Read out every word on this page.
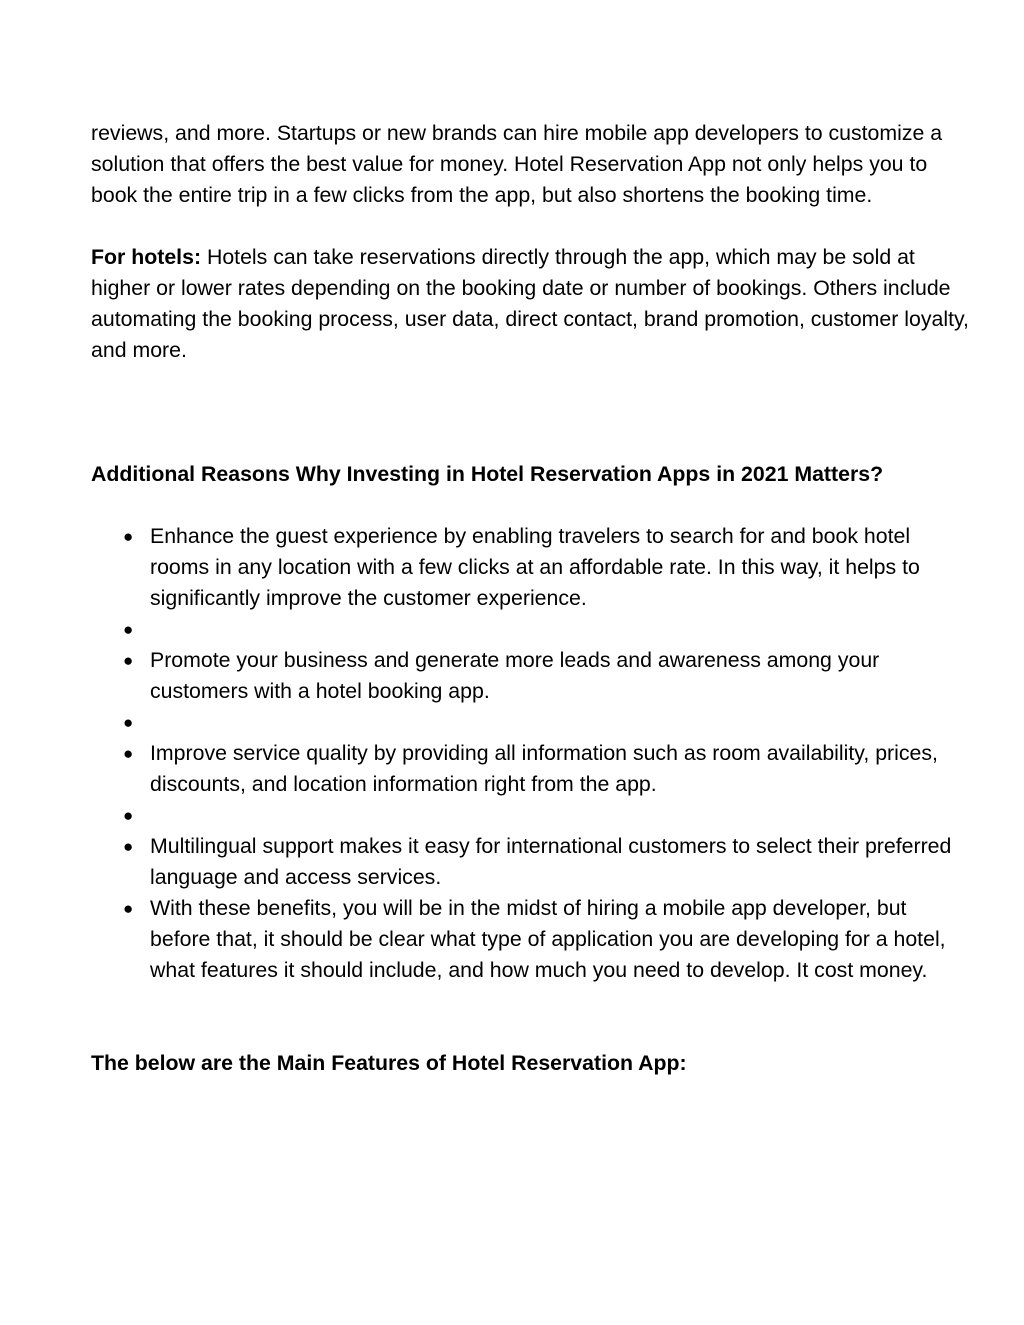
reviews, and more. Startups or new brands can hire mobile app developers to customize a solution that offers the best value for money. Hotel Reservation App not only helps you to book the entire trip in a few clicks from the app, but also shortens the booking time.

For hotels: Hotels can take reservations directly through the app, which may be sold at higher or lower rates depending on the booking date or number of bookings. Others include automating the booking process, user data, direct contact, brand promotion, customer loyalty, and more.

Additional Reasons Why Investing in Hotel Reservation Apps in 2021 Matters?
● Enhance the guest experience by enabling travelers to search for and book hotel rooms in any location with a few clicks at an affordable rate. In this way, it helps to significantly improve the customer experience.
●
● Promote your business and generate more leads and awareness among your customers with a hotel booking app.
●
● Improve service quality by providing all information such as room availability, prices, discounts, and location information right from the app.
●
● Multilingual support makes it easy for international customers to select their preferred language and access services.
● With these benefits, you will be in the midst of hiring a mobile app developer, but before that, it should be clear what type of application you are developing for a hotel, what features it should include, and how much you need to develop. It cost money.
The below are the Main Features of Hotel Reservation App:
